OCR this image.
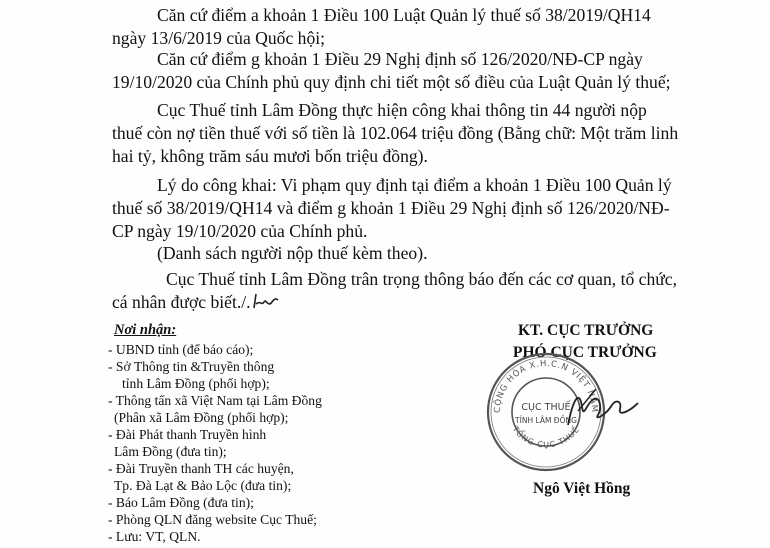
Căn cứ điểm a khoản 1 Điều 100 Luật Quản lý thuế số 38/2019/QH14
ngày 13/6/2019 của Quốc hội;
Căn cứ điểm g khoản 1 Điều 29 Nghị định số 126/2020/NĐ-CP ngày
19/10/2020 của Chính phủ quy định chi tiết một số điều của Luật Quản lý thuế;
Cục Thuế tỉnh Lâm Đồng thực hiện công khai thông tin 44 người nộp
thuế còn nợ tiền thuế với số tiền là 102.064 triệu đồng (Bằng chữ: Một trăm linh
hai tỷ, không trăm sáu mươi bốn triệu đồng).
Lý do công khai: Vi phạm quy định tại điểm a khoản 1 Điều 100 Quản lý
thuế số 38/2019/QH14 và điểm g khoản 1 Điều 29 Nghị định số 126/2020/NĐ-
CP ngày 19/10/2020 của Chính phủ.
(Danh sách người nộp thuế kèm theo).
Cục Thuế tỉnh Lâm Đồng trân trọng thông báo đến các cơ quan, tổ chức,
cá nhân được biết./.
Nơi nhận:
- UBND tỉnh (để báo cáo);
- Sở Thông tin &Truyền thông
tỉnh Lâm Đồng (phối hợp);
- Thông tấn xã Việt Nam tại Lâm Đồng
(Phân xã Lâm Đồng (phối hợp);
- Đài Phát thanh Truyền hình
Lâm Đồng (đưa tin);
- Đài Truyền thanh TH các huyện,
Tp. Đà Lạt & Bảo Lộc (đưa tin);
- Báo Lâm Đồng (đưa tin);
- Phòng QLN đăng website Cục Thuế;
- Lưu: VT, QLN.
KT. CỤC TRƯỞNG
PHÓ CỤC TRƯỞNG
CỘNG HÒA X.H.C.N VIỆT NAM
TỔNG CỤC THUẾ
CỤC THUẾ
TỈNH LÂM ĐỒNG
Ngô Việt Hồng
